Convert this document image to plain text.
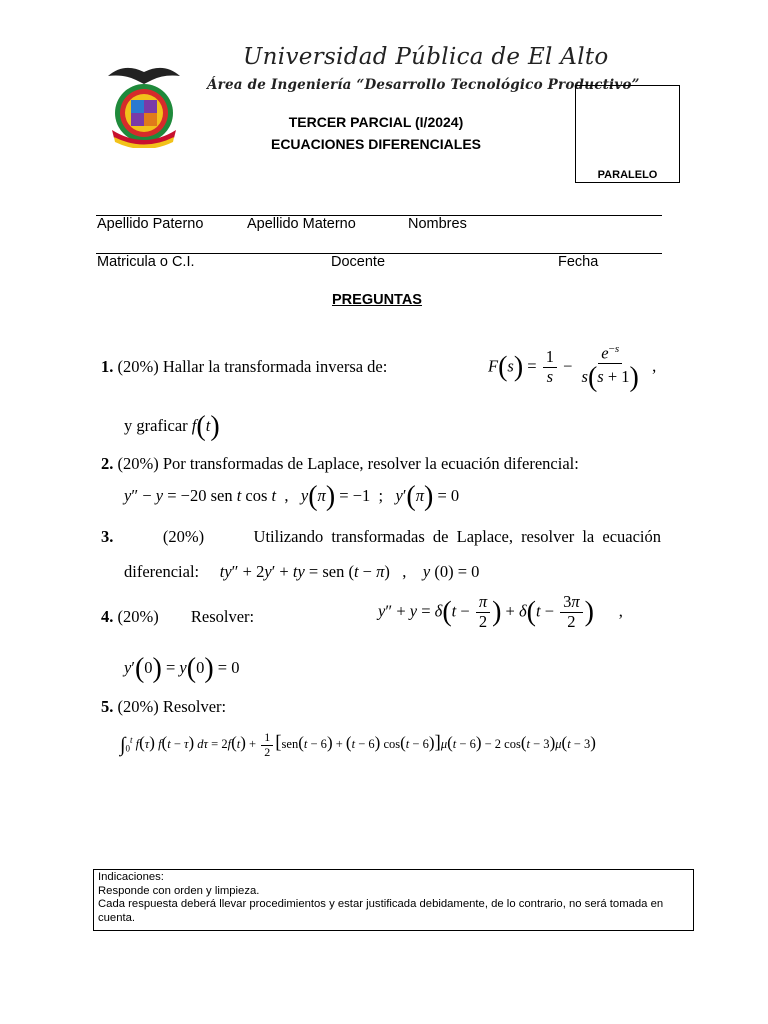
Universidad Pública de El Alto
Área de Ingeniería “Desarrollo Tecnológico Productivo”
TERCER PARCIAL (I/2024)
ECUACIONES DIFERENCIALES
PARALELO
Apellido Paterno	Apellido Materno	Nombres
Matricula o C.I.	Docente	Fecha
PREGUNTAS
1. (20%) Hallar la transformada inversa de:	$F(s) = \frac{1}{s} - \frac{e^{-s}}{s(s + 1)}$ ,
y graficar f(t)
2. (20%) Por transformadas de Laplace, resolver la ecuación diferencial:
y″ − y = −20 sen t cos t  ,   y(π) = −1  ;   y′(π) = 0
3.	(20%)	Utilizando transformadas de Laplace, resolver la ecuación
diferencial: ty″ + 2y′ + ty = sen (t − π)   ,    y (0) = 0
4. (20%) Resolver:	$y'' + y = \delta(t - \frac{\pi}{2}$ ) + $\delta(t - \frac{3\pi}{2}$ )      ,
y′(0) = y(0) = 0
5. (20%) Resolver:
$\int_0^t$ f(τ) f(t − τ) $d\tau = 2f(t) + \frac{1}{2} [sen(t - 6) + (t - 6) \cos(t - 6)]\mu(t - 6) - 2$ cos(t − 3)μ(t − 3)
Indicaciones:
Responde con orden y limpieza.
Cada respuesta deberá llevar procedimientos y estar justificada debidamente, de lo contrario, no será tomada en cuenta.
